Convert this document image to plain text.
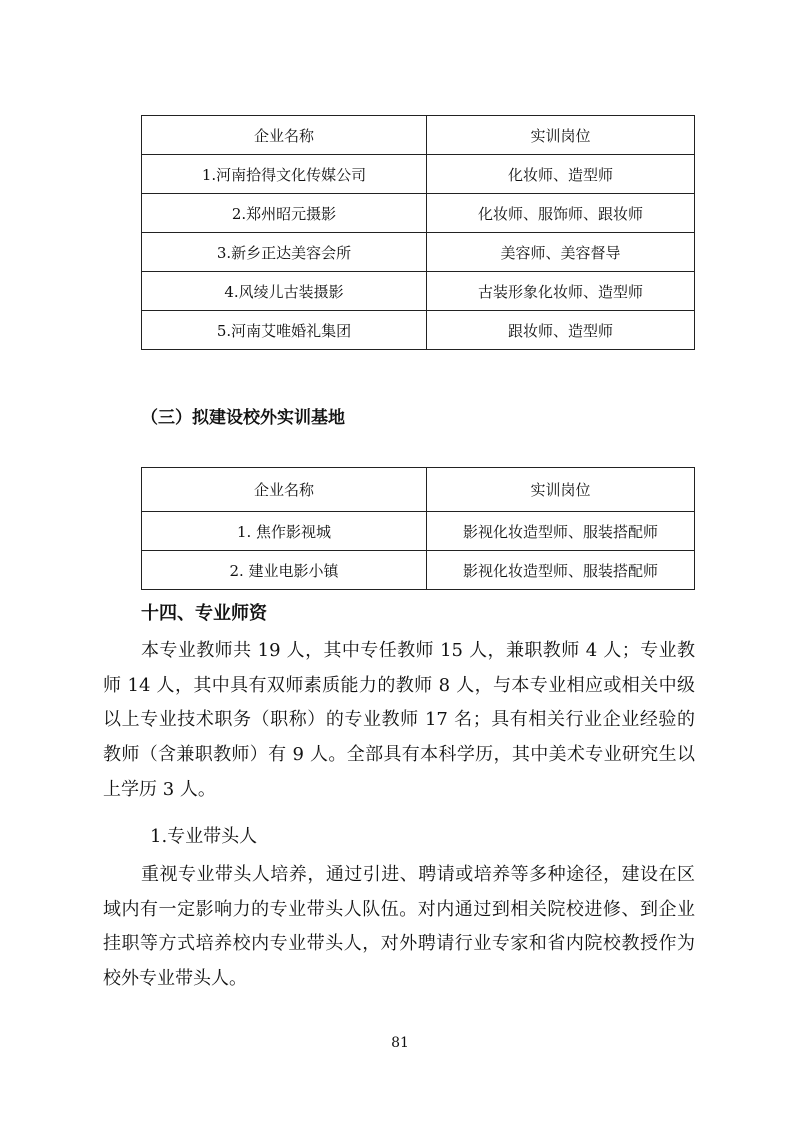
企业名称	实训岗位
1.河南拾得文化传媒公司	化妆师、造型师
2.郑州昭元摄影	化妆师、服饰师、跟妆师
3.新乡正达美容会所	美容师、美容督导
4.风绫儿古装摄影	古装形象化妆师、造型师
5.河南艾唯婚礼集团	跟妆师、造型师
（三）拟建设校外实训基地
企业名称	实训岗位
1. 焦作影视城	影视化妆造型师、服装搭配师
2. 建业电影小镇	影视化妆造型师、服装搭配师
十四、专业师资

本专业教师共 19 人，其中专任教师 15 人，兼职教师 4 人；专业教师 14 人，其中具有双师素质能力的教师 8 人，与本专业相应或相关中级以上专业技术职务（职称）的专业教师 17 名；具有相关行业企业经验的教师（含兼职教师）有 9 人。全部具有本科学历，其中美术专业研究生以上学历 3 人。

1.专业带头人

重视专业带头人培养，通过引进、聘请或培养等多种途径，建设在区域内有一定影响力的专业带头人队伍。对内通过到相关院校进修、到企业挂职等方式培养校内专业带头人，对外聘请行业专家和省内院校教授作为校外专业带头人。

81
